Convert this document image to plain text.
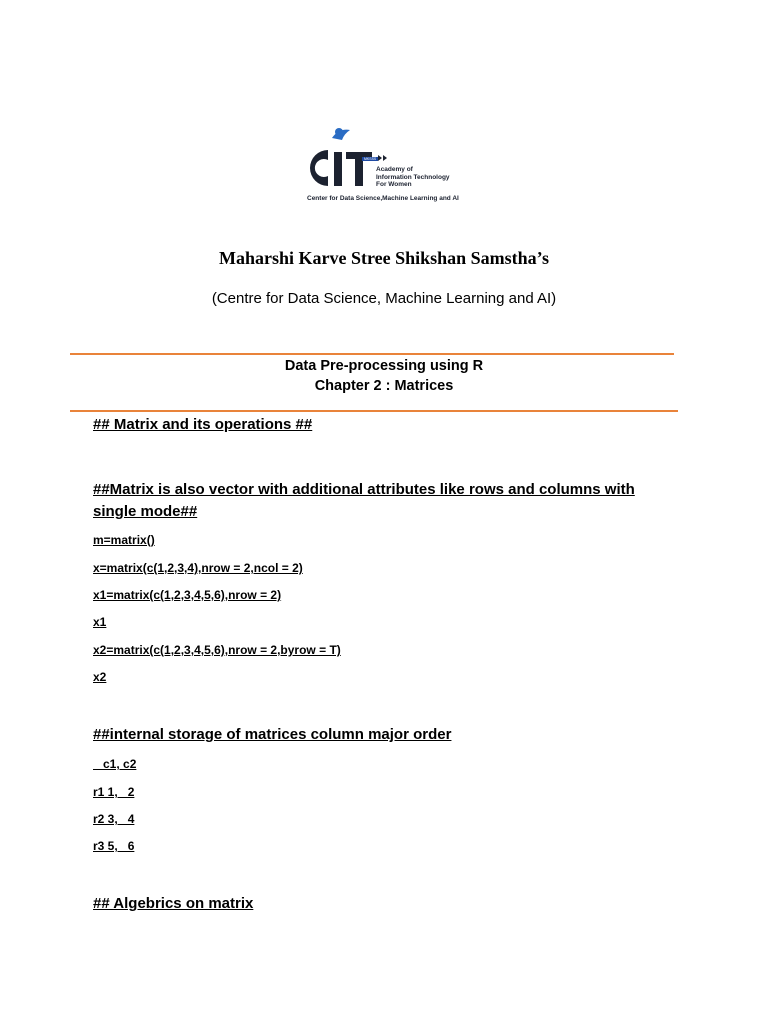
MKSSS
Academy of
Information Technology
For Women
Center for Data Science,Machine Learning and AI
Maharshi Karve Stree Shikshan Samstha’s
(Centre for Data Science, Machine Learning and AI)
Data Pre-processing using R
Chapter 2 : Matrices
## Matrix and its operations ##
##Matrix is also vector with additional attributes like rows and columns with
single mode##
m=matrix()
x=matrix(c(1,2,3,4),nrow = 2,ncol = 2)
x1=matrix(c(1,2,3,4,5,6),nrow = 2)
x1
x2=matrix(c(1,2,3,4,5,6),nrow = 2,byrow = T)
x2
##internal storage of matrices column major order
c1, c2
r1 1,   2
r2 3,   4
r3 5,   6
## Algebrics on matrix
